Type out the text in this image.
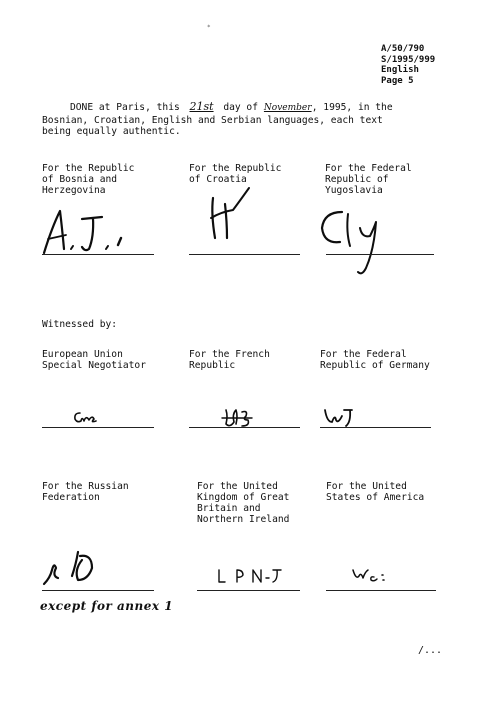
*
A/50/790
S/1995/999
English
Page 5
DONE at Paris, this 21st day of November, 1995, in the
Bosnian, Croatian, English and Serbian languages, each text
being equally authentic.
For the Republic
of Bosnia and
Herzegovina
For the Republic
of Croatia
For the Federal
Republic of
Yugoslavia
Witnessed by:
European Union
Special Negotiator
For the French
Republic
For the Federal
Republic of Germany
For the Russian
Federation
For the United
Kingdom of Great
Britain and
Northern Ireland
For the United
States of America
except for annex 1
/...
